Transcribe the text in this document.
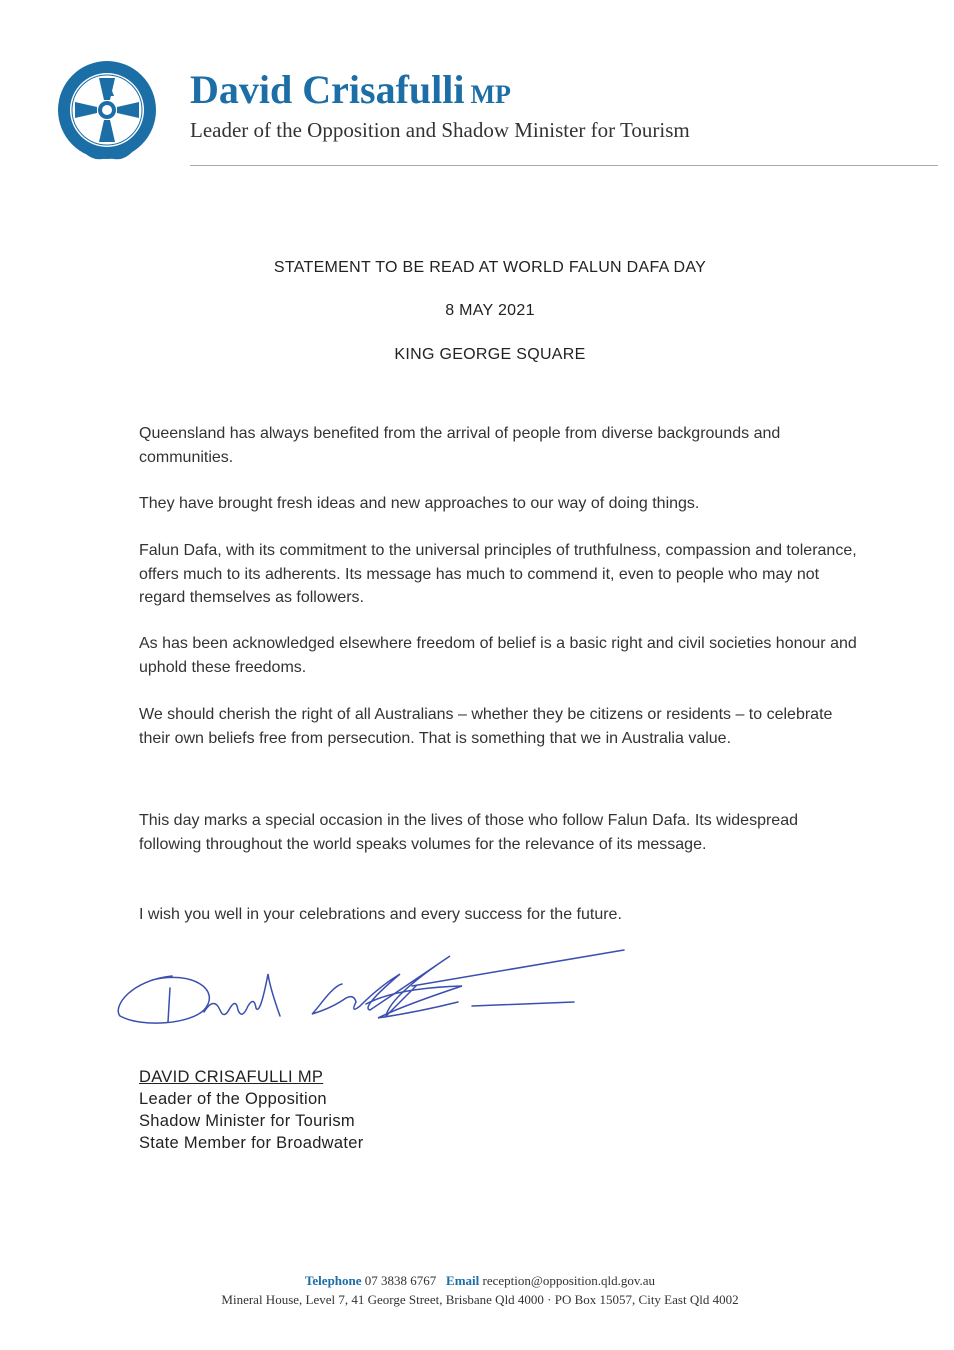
David Crisafulli MP
Leader of the Opposition and Shadow Minister for Tourism
STATEMENT TO BE READ AT WORLD FALUN DAFA DAY
8 MAY 2021
KING GEORGE SQUARE

Queensland has always benefited from the arrival of people from diverse backgrounds and communities.

They have brought fresh ideas and new approaches to our way of doing things.

Falun Dafa, with its commitment to the universal principles of truthfulness, compassion and tolerance, offers much to its adherents. Its message has much to commend it, even to people who may not regard themselves as followers.

As has been acknowledged elsewhere freedom of belief is a basic right and civil societies honour and uphold these freedoms.

We should cherish the right of all Australians – whether they be citizens or residents – to celebrate their own beliefs free from persecution. That is something that we in Australia value.

This day marks a special occasion in the lives of those who follow Falun Dafa. Its widespread following throughout the world speaks volumes for the relevance of its message.

I wish you well in your celebrations and every success for the future.

DAVID CRISAFULLI MP
Leader of the Opposition
Shadow Minister for Tourism
State Member for Broadwater
Telephone 07 3838 6767 Email reception@opposition.qld.gov.au
Mineral House, Level 7, 41 George Street, Brisbane Qld 4000 · PO Box 15057, City East Qld 4002
